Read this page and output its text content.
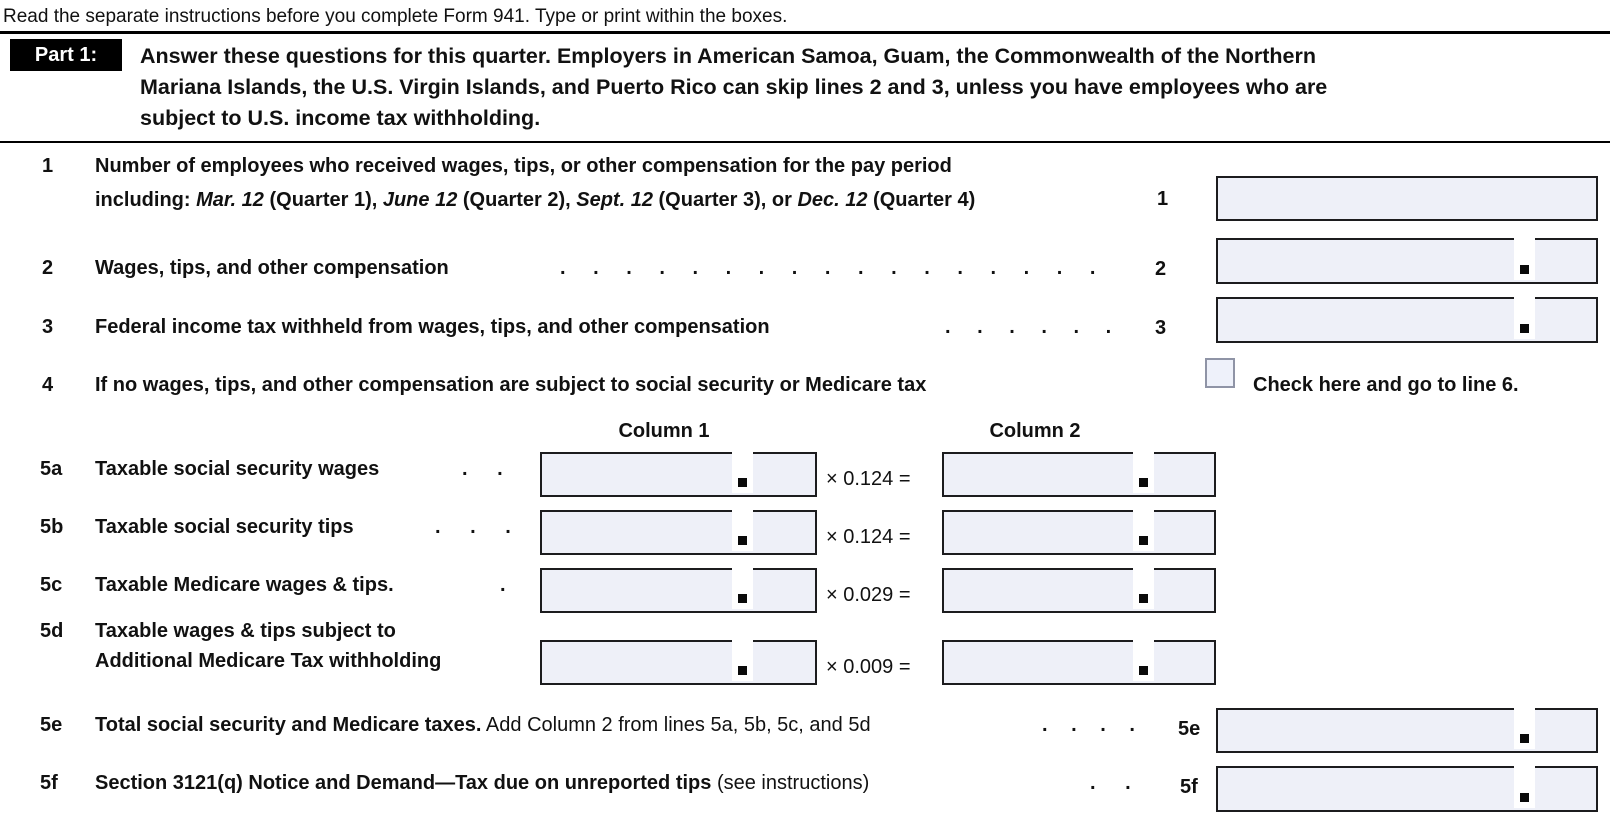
Read the separate instructions before you complete Form 941. Type or print within the boxes.
Part 1: Answer these questions for this quarter. Employers in American Samoa, Guam, the Commonwealth of the Northern
Mariana Islands, the U.S. Virgin Islands, and Puerto Rico can skip lines 2 and 3, unless you have employees who are
subject to U.S. income tax withholding.
1 Number of employees who received wages, tips, or other compensation for the pay period
including: Mar. 12 (Quarter 1), June 12 (Quarter 2), Sept. 12 (Quarter 3), or Dec. 12 (Quarter 4)	1
2 Wages, tips, and other compensation	. . . . . . . . . . . . . . . . .	2
3 Federal income tax withheld from wages, tips, and other compensation	. . . . . .	3
4 If no wages, tips, and other compensation are subject to social security or Medicare tax	Check here and go to line 6.
Column 1	Column 2
5a Taxable social security wages	. .	× 0.124 =
5b Taxable social security tips	. . .	× 0.124 =
5c Taxable Medicare wages & tips.	.	× 0.029 =
5d Taxable wages & tips subject to
Additional Medicare Tax withholding	× 0.009 =
5e Total social security and Medicare taxes. Add Column 2 from lines 5a, 5b, 5c, and 5d	. . . .	5e
5f Section 3121(q) Notice and Demand—Tax due on unreported tips (see instructions)	. .	5f
